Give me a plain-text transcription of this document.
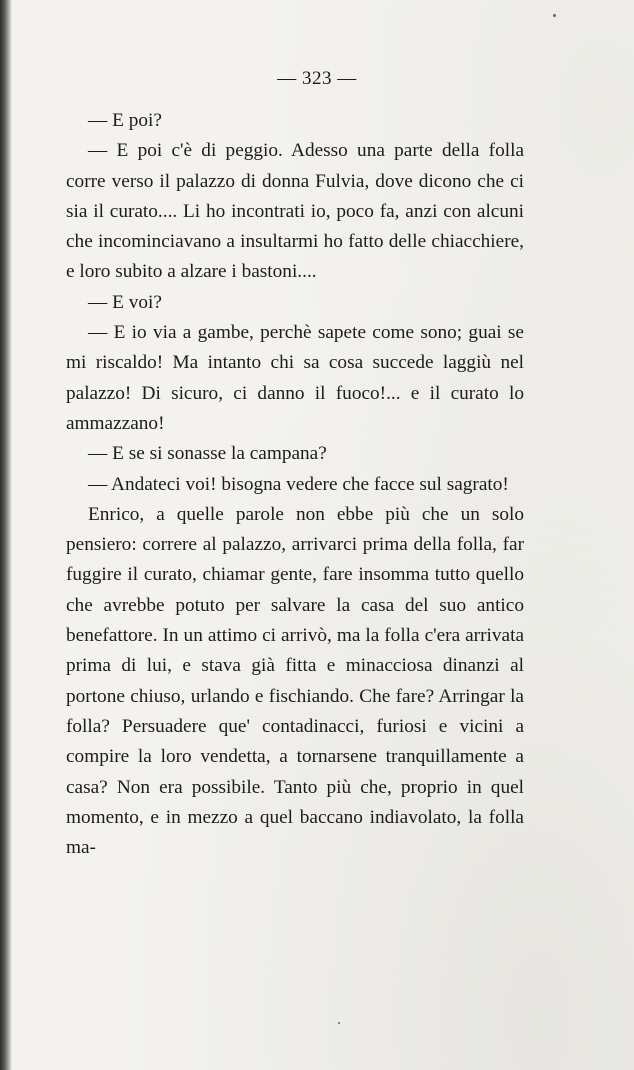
— 323 —

— E poi?

— E poi c'è di peggio. Adesso una parte della folla corre verso il palazzo di donna Fulvia, dove dicono che ci sia il curato.... Li ho incontrati io, poco fa, anzi con alcuni che incominciavano a insultarmi ho fatto delle chiacchiere, e loro subito a alzare i bastoni....

— E voi?

— E io via a gambe, perchè sapete come sono; guai se mi riscaldo! Ma intanto chi sa cosa succede laggiù nel palazzo! Di sicuro, ci danno il fuoco!... e il curato lo ammazzano!

— E se si sonasse la campana?

— Andateci voi! bisogna vedere che facce sul sagrato!

Enrico, a quelle parole non ebbe più che un solo pensiero: correre al palazzo, arrivarci prima della folla, far fuggire il curato, chiamar gente, fare insomma tutto quello che avrebbe potuto per salvare la casa del suo antico benefattore. In un attimo ci arrivò, ma la folla c'era arrivata prima di lui, e stava già fitta e minacciosa dinanzi al portone chiuso, urlando e fischiando. Che fare? Arringar la folla? Persuadere que' contadinacci, furiosi e vicini a compire la loro vendetta, a tornarsene tranquillamente a casa? Non era possibile. Tanto più che, proprio in quel momento, e in mezzo a quel baccano indiavolato, la folla ma-
